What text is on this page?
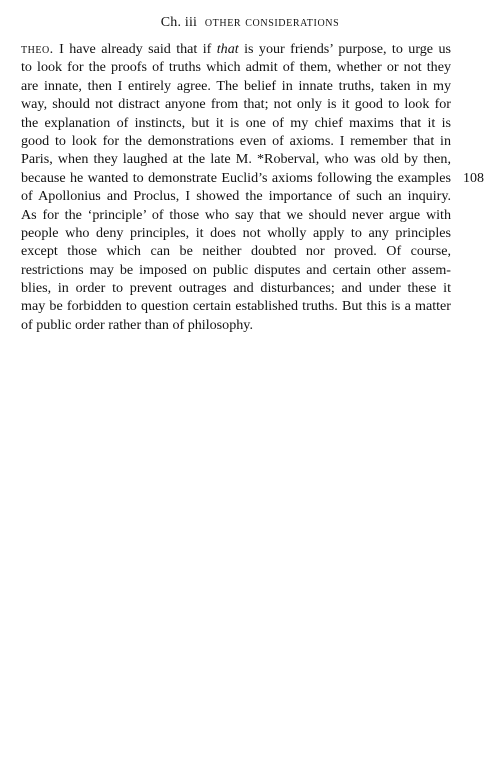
Ch. iii other considerations
108
theo. I have already said that if that is your friends’ purpose, to urge us
to look for the proofs of truths which admit of them, whether or not they
are innate, then I entirely agree. The belief in innate truths, taken in my
way, should not distract anyone from that; not only is it good to look for
the explanation of instincts, but it is one of my chief maxims that it is
good to look for the demonstrations even of axioms. I remember that in
Paris, when they laughed at the late M. *Roberval, who was old by then,
because he wanted to demonstrate Euclid’s axioms following the examples
of Apollonius and Proclus, I showed the importance of such an inquiry.
As for the ‘principle’ of those who say that we should never argue with
people who deny principles, it does not wholly apply to any principles
except those which can be neither doubted nor proved. Of course,
restrictions may be imposed on public disputes and certain other assem-
blies, in order to prevent outrages and disturbances; and under these it
may be forbidden to question certain established truths. But this is a matter
of public order rather than of philosophy.
